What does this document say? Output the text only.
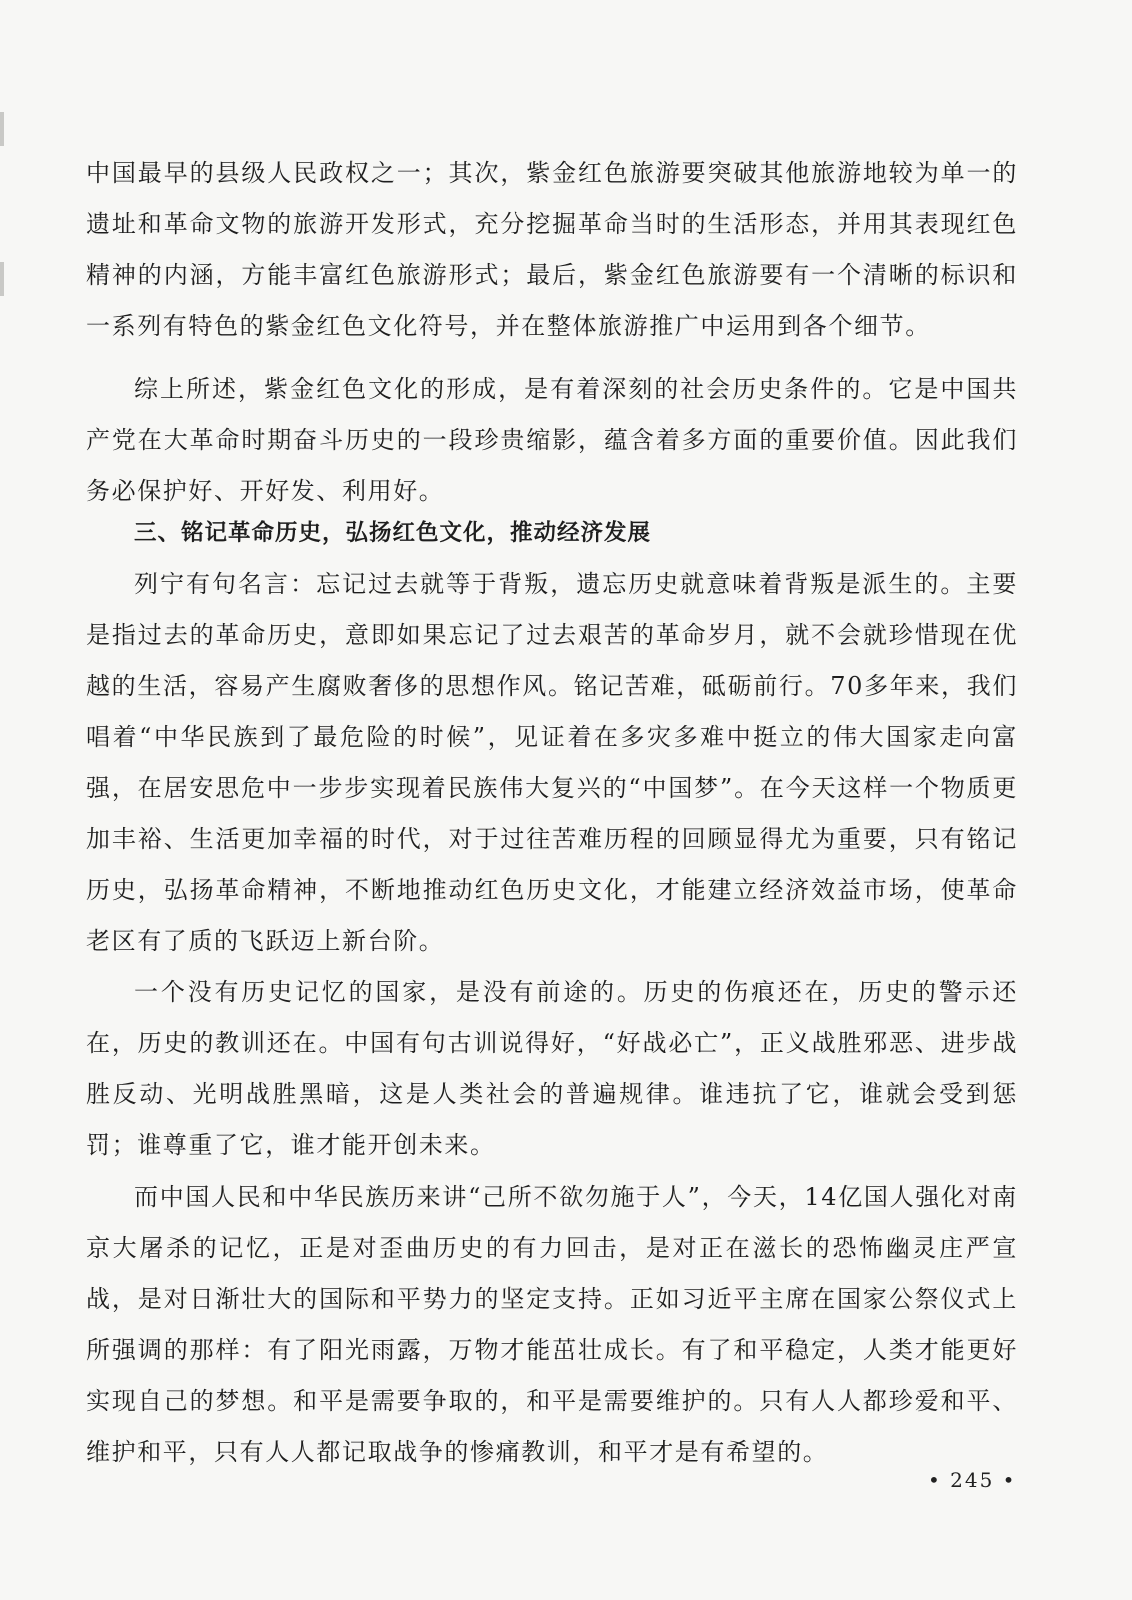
中国最早的县级人民政权之一；其次，紫金红色旅游要突破其他旅游地较为单一的遗址和革命文物的旅游开发形式，充分挖掘革命当时的生活形态，并用其表现红色精神的内涵，方能丰富红色旅游形式；最后，紫金红色旅游要有一个清晰的标识和一系列有特色的紫金红色文化符号，并在整体旅游推广中运用到各个细节。

综上所述，紫金红色文化的形成，是有着深刻的社会历史条件的。它是中国共产党在大革命时期奋斗历史的一段珍贵缩影，蕴含着多方面的重要价值。因此我们务必保护好、开好发、利用好。

三、铭记革命历史，弘扬红色文化，推动经济发展

列宁有句名言：忘记过去就等于背叛，遗忘历史就意味着背叛是派生的。主要是指过去的革命历史，意即如果忘记了过去艰苦的革命岁月，就不会就珍惜现在优越的生活，容易产生腐败奢侈的思想作风。铭记苦难，砥砺前行。70多年来，我们唱着“中华民族到了最危险的时候”，见证着在多灾多难中挺立的伟大国家走向富强，在居安思危中一步步实现着民族伟大复兴的“中国梦”。在今天这样一个物质更加丰裕、生活更加幸福的时代，对于过往苦难历程的回顾显得尤为重要，只有铭记历史，弘扬革命精神，不断地推动红色历史文化，才能建立经济效益市场，使革命老区有了质的飞跃迈上新台阶。

一个没有历史记忆的国家，是没有前途的。历史的伤痕还在，历史的警示还在，历史的教训还在。中国有句古训说得好，“好战必亡”，正义战胜邪恶、进步战胜反动、光明战胜黑暗，这是人类社会的普遍规律。谁违抗了它，谁就会受到惩罚；谁尊重了它，谁才能开创未来。

而中国人民和中华民族历来讲“己所不欲勿施于人”，今天，14亿国人强化对南京大屠杀的记忆，正是对歪曲历史的有力回击，是对正在滋长的恐怖幽灵庄严宣战，是对日渐壮大的国际和平势力的坚定支持。正如习近平主席在国家公祭仪式上所强调的那样：有了阳光雨露，万物才能茁壮成长。有了和平稳定，人类才能更好实现自己的梦想。和平是需要争取的，和平是需要维护的。只有人人都珍爱和平、维护和平，只有人人都记取战争的惨痛教训，和平才是有希望的。

• 245 •
